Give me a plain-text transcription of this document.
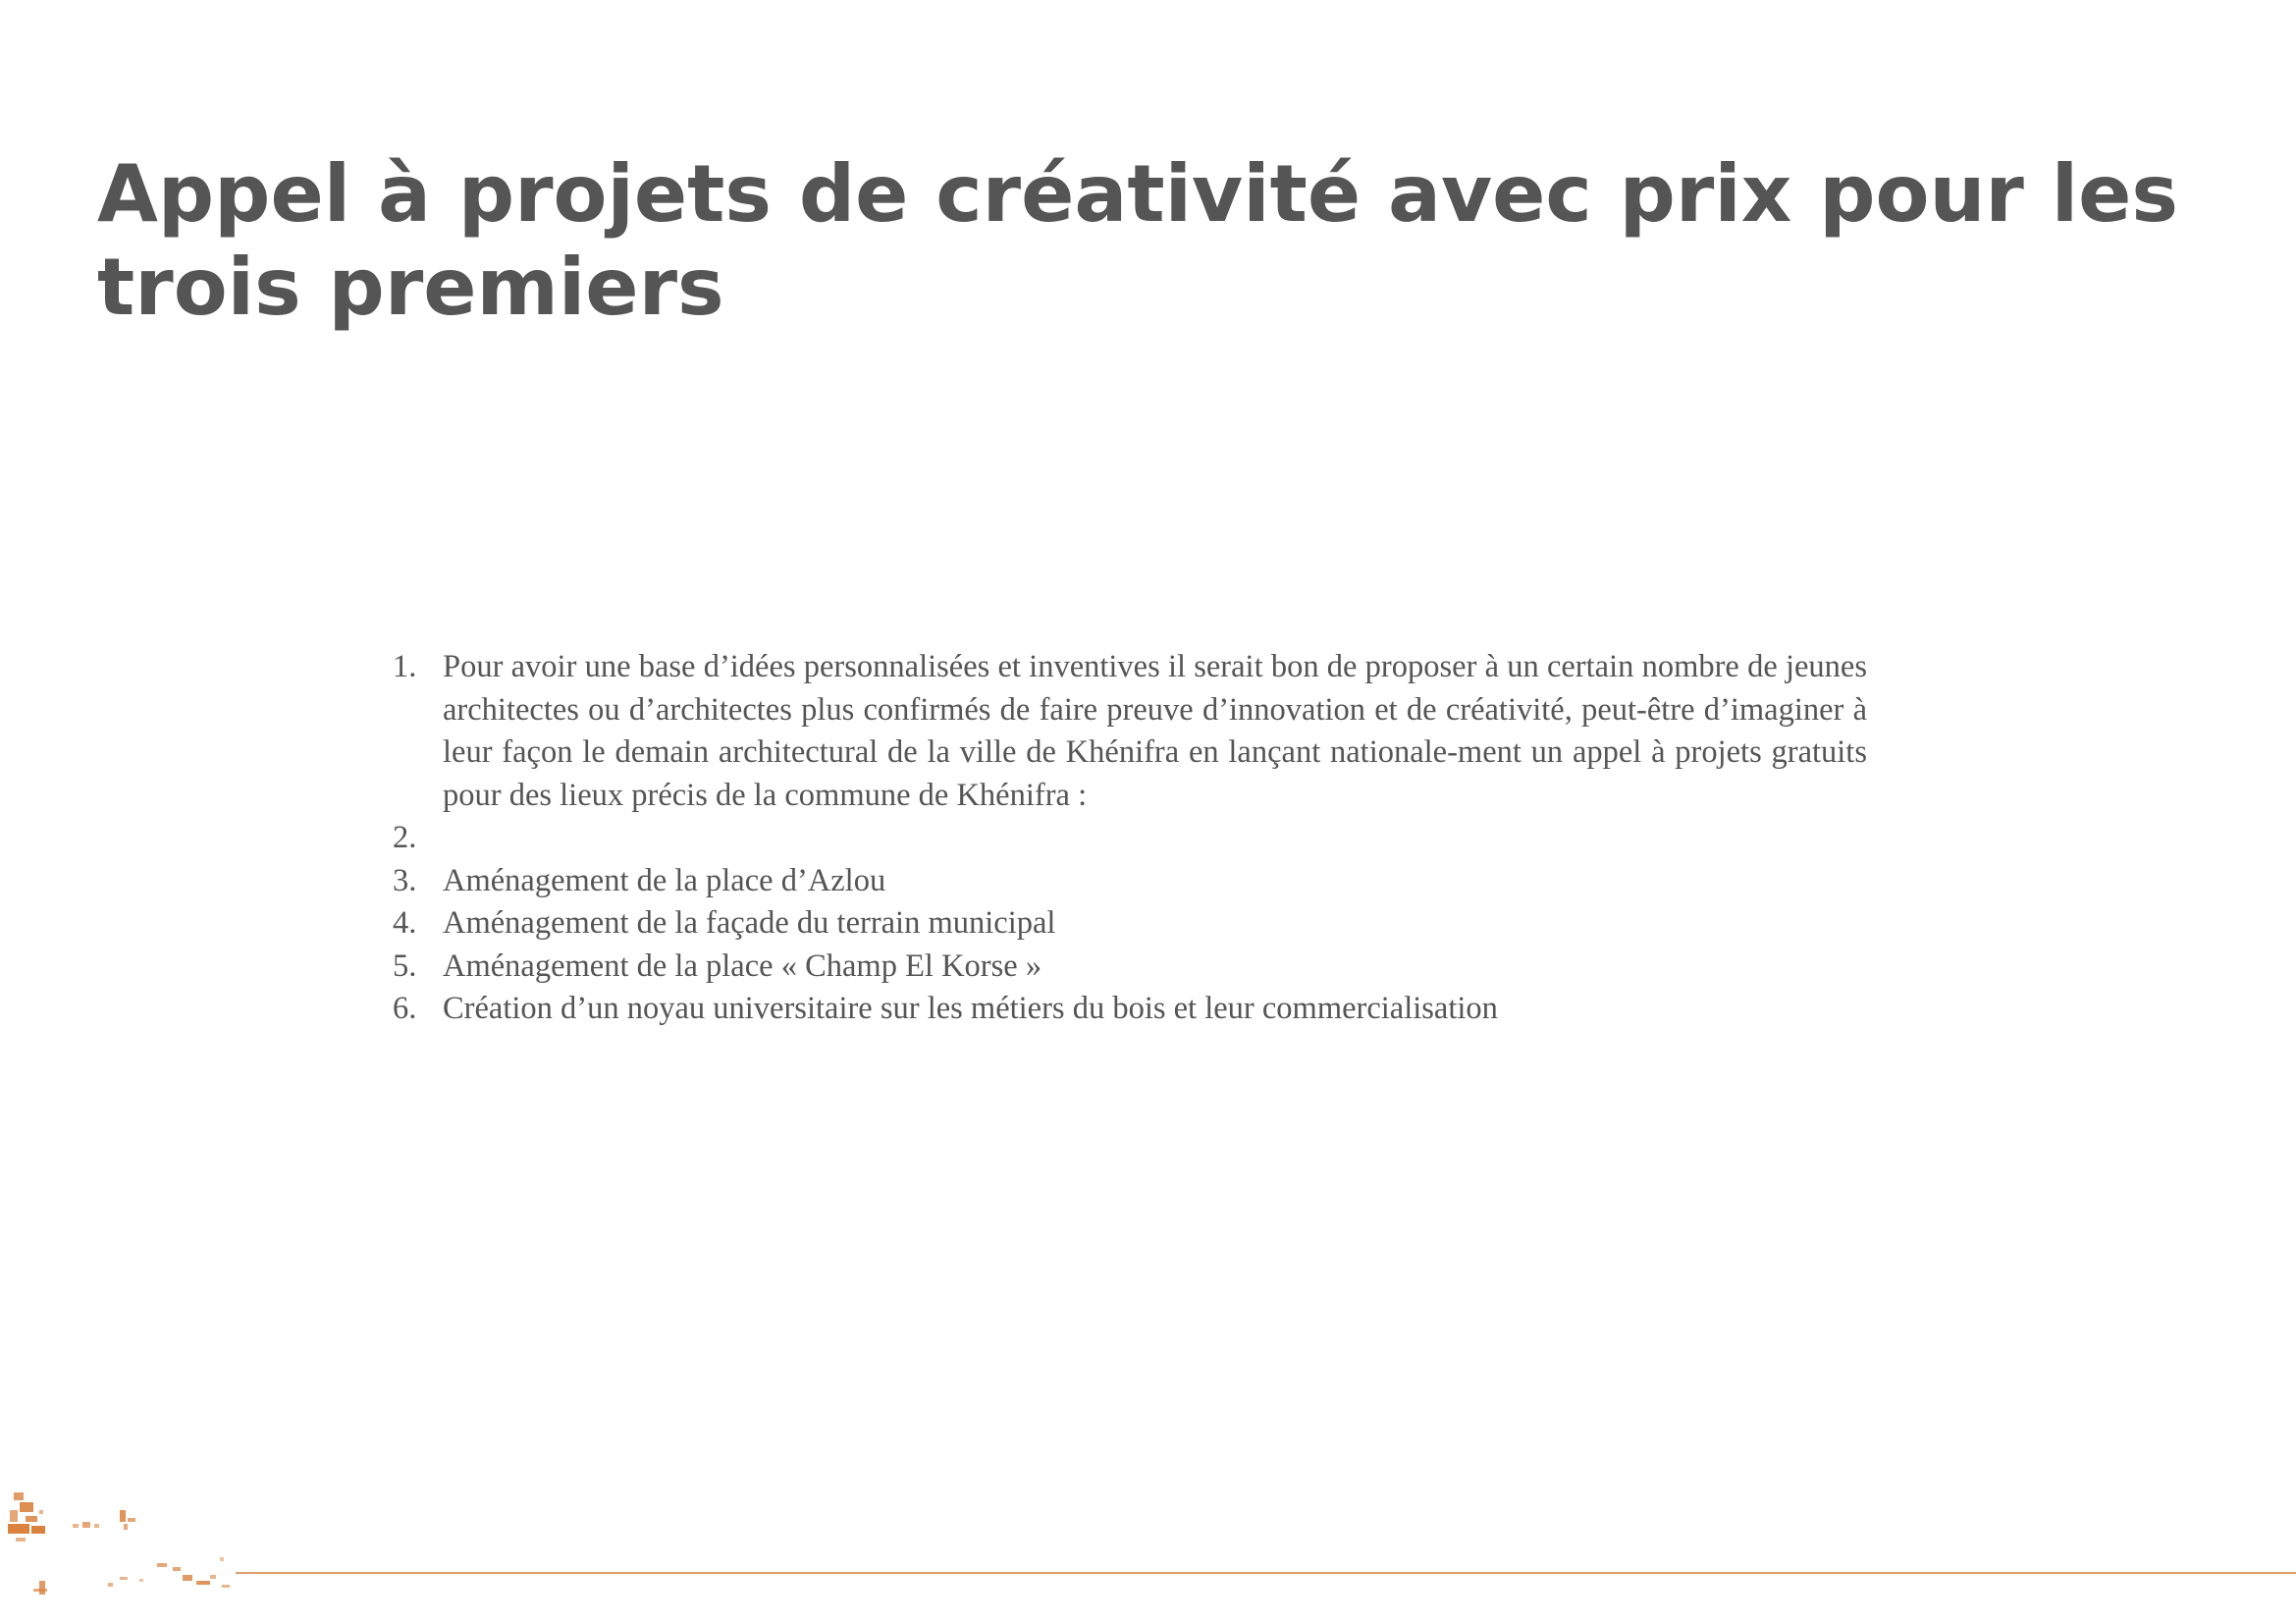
Appel à projets de créativité avec prix pour les trois premiers
1. Pour avoir une base d’idées personnalisées et inventives il serait bon de proposer à un certain nombre de jeunes architectes ou d’architectes plus confirmés de faire preuve d’innovation et de créativité, peut-être d’imaginer à leur façon le demain architectural de la ville de Khénifra en lançant nationale-ment un appel à projets gratuits pour des lieux précis de la commune de Khénifra :
2.
3. Aménagement de la place d’Azlou
4. Aménagement de la façade du terrain municipal
5. Aménagement de la place « Champ El Korse »
6. Création d’un noyau universitaire sur les métiers du bois et leur commercialisation
